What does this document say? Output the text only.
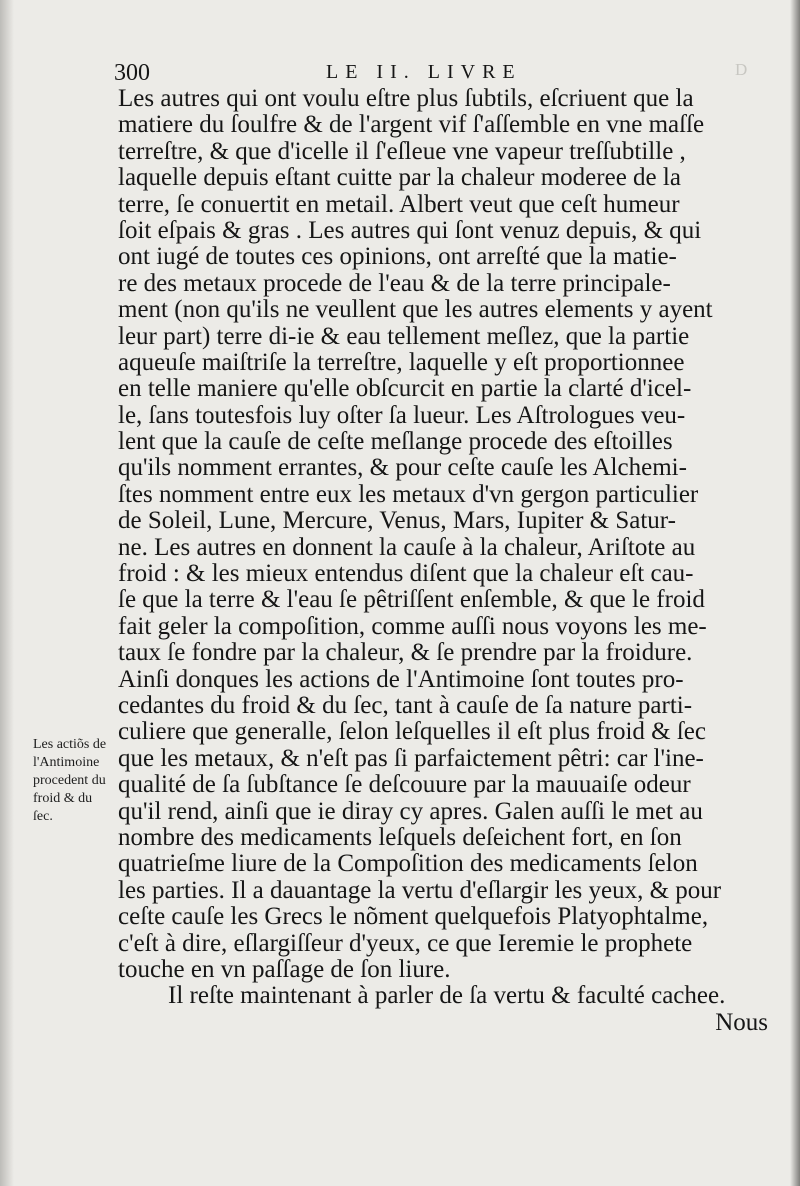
D
300	LE II. LIVRE
Les autres qui ont voulu eſtre plus ſubtils, eſcriuent que la
matiere du ſoulfre & de l'argent vif ſ'aſſemble en vne maſſe
terreſtre, & que d'icelle il ſ'eſleue vne vapeur treſſubtille ,
laquelle depuis eſtant cuitte par la chaleur moderee de la
terre, ſe conuertit en metail. Albert veut que ceſt humeur
ſoit eſpais & gras . Les autres qui ſont venuz depuis, & qui
ont iugé de toutes ces opinions, ont arreſté que la matie-
re des metaux procede de l'eau & de la terre principale-
ment (non qu'ils ne veullent que les autres elements y ayent
leur part) terre di-ie & eau tellement meſlez, que la partie
aqueuſe maiſtriſe la terreſtre, laquelle y eſt proportionnee
en telle maniere qu'elle obſcurcit en partie la clarté d'icel-
le, ſans toutesfois luy oſter ſa lueur. Les Aſtrologues veu-
lent que la cauſe de ceſte meſlange procede des eſtoilles
qu'ils nomment errantes, & pour ceſte cauſe les Alchemi-
ſtes nomment entre eux les metaux d'vn gergon particulier
de Soleil, Lune, Mercure, Venus, Mars, Iupiter & Satur-
ne. Les autres en donnent la cauſe à la chaleur, Ariſtote au
froid : & les mieux entendus diſent que la chaleur eſt cau-
ſe que la terre & l'eau ſe pêtriſſent enſemble, & que le froid
fait geler la compoſition, comme auſſi nous voyons les me-
taux ſe fondre par la chaleur, & ſe prendre par la froidure.
Ainſi donques les actions de l'Antimoine ſont toutes pro-
cedantes du froid & du ſec, tant à cauſe de ſa nature parti-
culiere que generalle, ſelon leſquelles il eſt plus froid & ſec
que les metaux, & n'eſt pas ſi parfaictement pêtri: car l'ine-
qualité de ſa ſubſtance ſe deſcouure par la mauuaiſe odeur
qu'il rend, ainſi que ie diray cy apres. Galen auſſi le met au
nombre des medicaments leſquels deſeichent fort, en ſon
quatrieſme liure de la Compoſition des medicaments ſelon
les parties. Il a dauantage la vertu d'eſlargir les yeux, & pour
ceſte cauſe les Grecs le nõment quelquefois Platyophtalme,
c'eſt à dire, eſlargiſſeur d'yeux, ce que Ieremie le prophete
touche en vn paſſage de ſon liure.
Il reſte maintenant à parler de ſa vertu & faculté cachee.
Nous
Les actiõs de
l'Antimoine
procedent du
froid & du
ſec.
